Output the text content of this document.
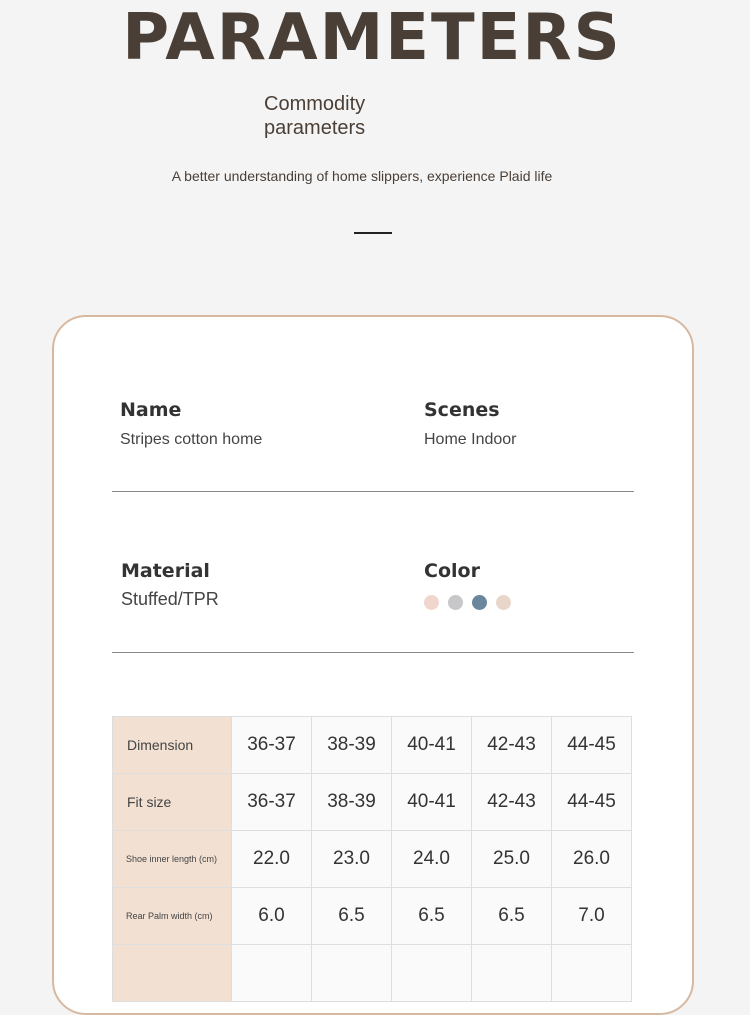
PARAMETERS
Commodity
parameters

A better understanding of home slippers, experience Plaid life

Name

Stripes cotton home

Scenes

Home Indoor

Material

Stuffed/TPR

Color

Dimension	36-37	38-39	40-41	42-43	44-45
Fit size	36-37	38-39	40-41	42-43	44-45
Shoe inner length (cm)	22.0	23.0	24.0	25.0	26.0
Rear Palm width (cm)	6.0	6.5	6.5	6.5	7.0
